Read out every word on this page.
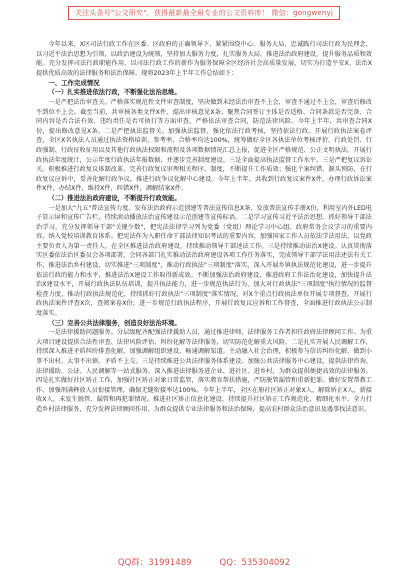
关注头条号"公文研究"，获得最新最全最专业的公文资料库！ 微信：gongwenyj

今年以来，X区司法行政工作在区委、区政府的正确领导下，紧紧围绕中心、服务大局，忠诚践行司法行政为民理念，以习近平法治思想为引领，以政治建设为统领，坚持加大服务力度，扎实服务大局，推进法治政府建设，提升服务品质和效能。充分发挥司法行政职能作用，以司法行政工作的新作为服务保障全区经济社会高质量发展，切实为打造平安X、法治X提供优质高效的法律服务和法治保障。现将2023年上半年工作总结如下：

一、工作完成情况

（一）扎实推进依法行政，不断强化法治思维。

一是严把法治审查关。严格落实规范性文件审查制度，坚决做到未经法治审查不上会，审查不通过不上会，审查后修改不到位不上会。截至当前，共审核各类文件X件，提出审核意见X条；聚焦合同签订主体是否适格、合同条款是否完备、合同内容是否合法有效、违约责任是否可执行等方面审查，严格依法审查合同，防范法律风险。今年上半年，共审查合同X份，提出修改意见X条。二是严把执法监督关。加强执法监督，强化依法行政考核，坚持依法行政。开展行政执法案卷评查，全区X名执法人员通过执法资格培训，参考率、合格率均达100%，统筹做好全区各执法单位考核评价，行政处罚、行政强制、行政征收征用以及其他行政执法权限和流程及各项数据情况汇总上报，促进全区严格规范、公正文明执法。开展行政执法年度统计，公示年度行政执法年报数据，并逐步完善制度建设。三是全面提高执法监督工作水平。三是严把复议诉讼关。积极推进行政复议体制改革，完善行政复议审理相关程序，制度，不断提升工作质效；强化个案纠错、源头预防，在行政复议应诉中，妥善化解行政争议，推进行政争议化解中心建设。今年上半年，共收到行政复议案件X件，办理行政诉讼案件X件，办结X件，维持X件，纠错X件，调解结案X件。

（二）推进法治政府建设，不断提升行政效能。

一是加大"九五"普法宣传力度。发布法治政府示范创建等普法宣传信息X条，发放普法宣传手册X份，利用室内外LED电子显示屏和宣传广告栏，持续滚动播放法治宣传建设示范创建等宣传标语。二是学习宣传习近平法治思想。抓好领导干部法治学习，充分发挥领导干部"关键少数"，把宪法法律学习列为党委（党组）理论学习中心组、政府常务会议学习的重要内容，纳入党校培训教育体系。把宪法作为入职任命干部法律知识考试的重要内容，加强国家工作人员依法学法用法。以党政主要负责人为第一责任人，在全区推进法治政府建设，持续推动领导干部述法工作。三是持续推动法治X建设。认真贯彻落实区委依法治区委员会各项部署，会同各部门扎实推动法治政府建设各项工作任务落实，完成领导干部学法用法述法有关工作，推进法治乡村建设，切实推进"三项制度"，推动行政执法"三项制度"落实，深入开展乡镇执法规范化建设，进一步提升依法行政的能力和水平，推进法治X建设工作取得新成效。不断加强法治政府建设，推进政府工作法治化建设，加快提升法治X建设水平，开展行政执法队伍培训，提升执法能力，进一步规范执法行为，加大对行政执法"三项制度"执行情况的监督检查力度，推动行政执法规范化，持续抓好行政执法"三项制度"落实情况，对X个重点行政执法单位开展专项督查，开展行政执法案件评查X次，查阅案卷X份，进一步规范行政执法程序，开展行政复议应诉和工作督查，全面推进行政执法公示制度落实。

（三）完善公共法律服务，创造良好法治环境。

一是法律援助问题服务。分层级配齐配强法律援助人员，通过推进律师、法律服务工作者担任政府法律顾问工作。为重大项目建设提供合法性审查、法律风险评估、纠纷化解等法律服务，切实防范化解重大风险。二是扎实开展人民调解工作，持续深入推进矛盾纠纷排查化解，加强调解组织建设，畅通调解渠道。主动融入社会治理，积极参与信访纠纷化解，做到小事不出村、大事不出镇、矛盾不上交。三是持续推进公共法律服务体系建设。加强公共法律服务中心建设，提供法律咨询、法律援助、公证、人民调解等一站式服务。深入推进法律服务进企业、进社区、进乡村，为群众提供便捷高效的法律服务。四是扎实做好社区矫正工作，加强社区矫正对象日常监管，落实教育帮扶措施，严防脱管漏管和重新犯罪。做好安置帮教工作，加强刑满释放人员衔接管理，确保无缝衔接率达100%。今年上半年，全区在册社区矫正对象X人，解除矫正X人，新接收X人，未发生脱管、漏管和再犯罪情况。推进社区矫正信息化建设，持续提升社区矫正工作规范化、精细化水平。全力打造乡村法律服务，充分发挥法律顾问作用，为群众提供专业法律服务和法治保障，提高农村群众法治意识及遇事找法意识。

QQ群：31991489	QQ：535304092
